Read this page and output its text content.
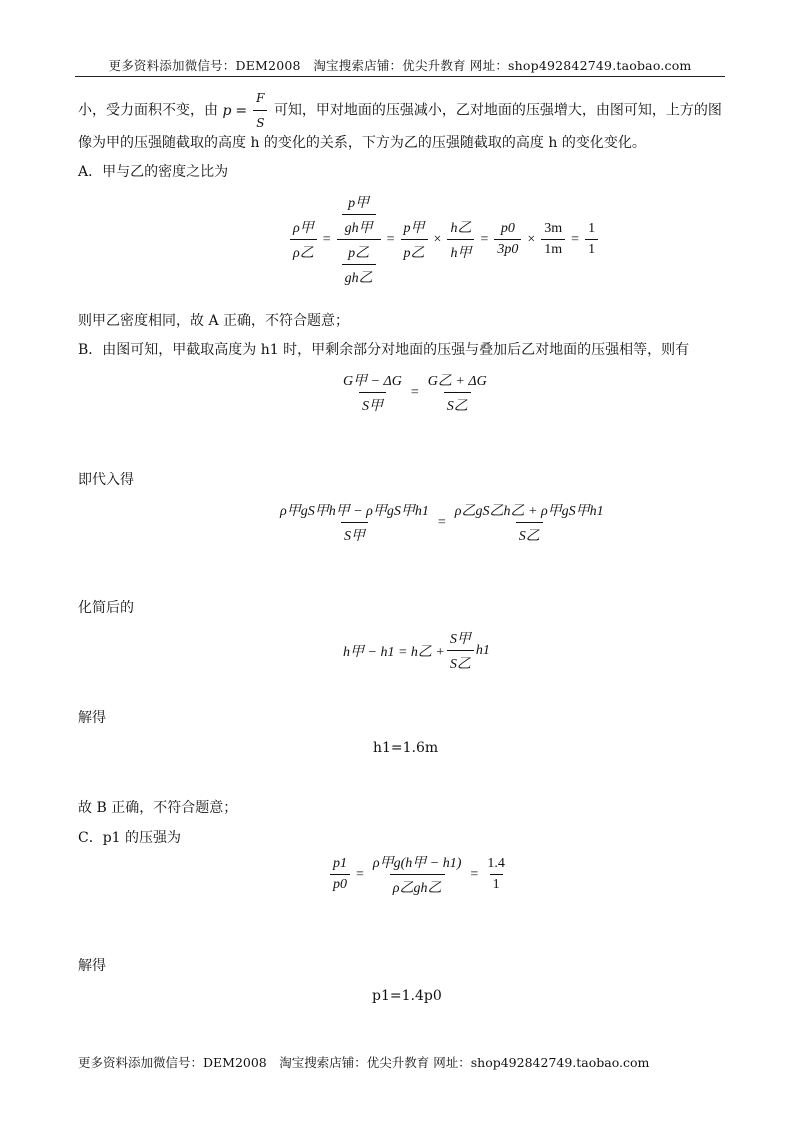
更多资料添加微信号：DEM2008　淘宝搜索店铺：优尖升教育 网址：shop492842749.taobao.com
小，受力面积不变，由 $p = \frac{F}{S}$ 可知，甲对地面的压强减小，乙对地面的压强增大，由图可知，上方的图
像为甲的压强随截取的高度 h 的变化的关系，下方为乙的压强随截取的高度 h 的变化变化。
A．甲与乙的密度之比为
$\frac{\text{ρ甲}}{\text{ρ乙}} = \frac{\frac{\text{p甲}}{\text{gh甲}}}{\frac{\text{p乙}}{\text{gh乙}}} = \frac{\text{p甲}}{\text{p乙}} \times \frac{\text{h乙}}{\text{h甲}} = \frac{p0}{3p0} \times \frac{3m}{1m} = \frac{1}{1}$
则甲乙密度相同，故 A 正确，不符合题意；
B．由图可知，甲截取高度为 h1 时，甲剩余部分对地面的压强与叠加后乙对地面的压强相等，则有
$\frac{\text{G甲 − ΔG}}{\text{S甲}} = \frac{\text{G乙 + ΔG}}{\text{S乙}}$
即代入得
$\frac{\text{ρ甲gS甲h甲 − ρ甲gS甲h1}}{\text{S甲}} = \frac{\text{ρ乙gS乙h乙 + ρ甲gS甲h1}}{\text{S乙}}$
化简后的
h甲 − h1 = h乙 + $\frac{\text{S甲}}{\text{S乙}} h1$
解得
h1=1.6m
故 B 正确，不符合题意；
C．p1 的压强为
$\frac{p1}{p0} = \frac{\text{ρ甲g(h甲 − h1)}}{\text{ρ乙gh乙}} = \frac{1.4}{1}$
解得
p1=1.4p0
更多资料添加微信号：DEM2008　淘宝搜索店铺：优尖升教育 网址：shop492842749.taobao.com
